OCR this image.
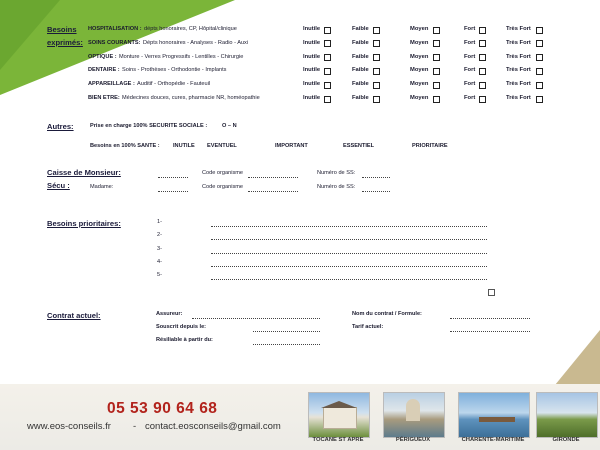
Besoins
exprimés:
HOSPITALISATION : dépts honoraires, CP, Hôpital/clinique	Inutile	Faible	Moyen	Fort	Très Fort
SOINS COURANTS: Dépts honoraires - Analyses - Radio - Auxi	Inutile	Faible	Moyen	Fort	Très Fort
OPTIQUE : Monture - Verres Progressifs - Lentilles - Chirurgie	Inutile	Faible	Moyen	Fort	Très Fort
DENTAIRE : Soins - Prothèses - Orthodontie - Implants	Inutile	Faible	Moyen	Fort	Très Fort
APPAREILLAGE : Auditif - Orthopédie - Fauteuil	Inutile	Faible	Moyen	Fort	Très Fort
BIEN ETRE: Médecines douces, cures, pharmacie NR, homéopathie	Inutile	Faible	Moyen	Fort	Très Fort
Autres:	Prise en charge 100% SECURITE SOCIALE :	O – N
Besoins en 100% SANTE : INUTILE EVENTUEL	IMPORTANT	ESSENTIEL	PRIORITAIRE
Caisse de Monsieur:
Sécu :
Code organisme	Numéro de SS:
Madame:	Code organisme	Numéro de SS:
Besoins prioritaires:	1-
2-
3-
4-
5-
Contrat actuel:	Assureur:
Souscrit depuis le:
Résiliable à partir du:
Nom du contrat / Formule:
Tarif actuel:
05 53 90 64 68
www.eos-conseils.fr - contact.eosconseils@gmail.com
TOCANE ST APRE	PÉRIGUEUX	CHARENTE-MARITIME	GIRONDE
